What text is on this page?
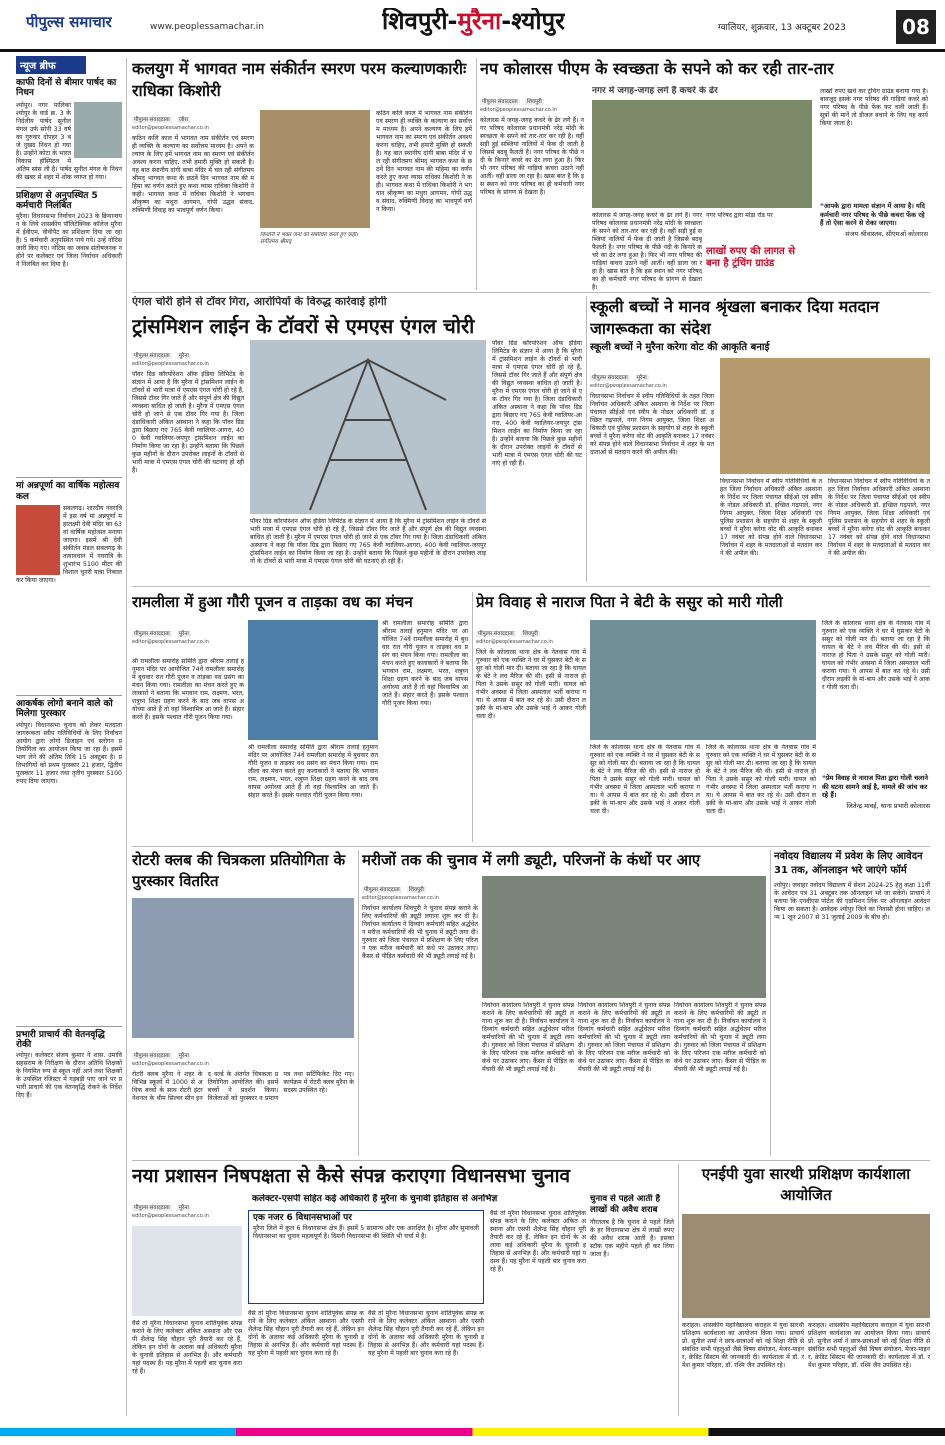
पीपुल्स समाचार	www.peoplessamachar.in	शिवपुरी-मुरैना-श्योपुर	ग्वालियर, शुक्रवार, 13 अक्टूबर 2023	08
न्यूज ब्रीफ
काफी दिनों से बीमार पार्षद का निधन
श्योपुर। नगर पालिका श्योपुर के वार्ड क्र. 3 के निर्दलीय पार्षद सुनील मंगल उर्फ सोनी 33 वर्ष का गुरुवार दोपहर 3 बजे दुखद निधन हो गया है। उन्होंने कोटा के भारत विकास हॉस्पिटल में अंतिम सांस ली है। पार्षद सुनील मंगल के निधन की खबर से शहर में शोक व्याप्त हो गया।
प्रशिक्षण से अनुपस्थित 5 कर्मचारी निलंबित
मुरैना। विधानसभा निर्वाचन 2023 के क्रियान्वयन के लिये शासकीय पॉलिटेक्निक कॉलेज मुरैना में ईवीएम, वीवीपैट का प्रशिक्षण दिया जा रहा है। 5 कर्मचारी अनुपस्थित पाये गये। उन्हें नोटिस जारी किए गए। नोटिस का जवाब संतोषजनक न होने पर कलेक्टर एवं जिला निर्वाचन अधिकारी ने निलंबित कर दिया है।
मां अन्नपूर्णा का वार्षिक महोत्सव कल
सबलगढ़। शारदीय नवरात्रि में इस वर्ष मां अन्नपूर्णा महालक्ष्मी देवी मंदिर का 63वां वार्षिक महोत्सव मनाया जाएगा। इसमें श्री देवी संकीर्तन मंडल सबलगढ़ के तत्वावधान में नवरात्रि के शुभारंभ 5100 मीटर की विशाल चुनरी यात्रा निकालकर किया जाएगा।
आकर्षक लोगो बनाने वाले को मिलेगा पुरस्कार
श्योपुर। विधानसभा चुनाव को लेकर मतदाता जागरूकता स्वीप गतिविधियों के लिए निर्वाचन आयोग द्वारा लोगो डिजाइन एवं स्लोगन प्रतियोगिता का आयोजन किया जा रहा है। इसमें भाग लेने की अंतिम तिथि 15 अक्टूबर है। प्रतिभागियों को प्रथम पुरस्कार 21 हजार, द्वितीय पुरस्कार 11 हजार तथा तृतीय पुरस्कार 5100 रुपए दिया जाएगा।
प्रभारी प्राचार्य की वेतनवृद्धि रोकी
श्योपुर। कलेक्टर संजय कुमार ने शास. उमावि सहसराम के निरीक्षण के दौरान अतिथि शिक्षकों के नियमित रूप से स्कूल नहीं आने तथा शिक्षकों के उपस्थित रजिस्टर में गड़बड़ी पाए जाने पर प्रभारी प्राचार्य की एक वेतनवृद्धि रोकने के निर्देश दिए हैं।
कलयुग में भागवत नाम संकीर्तन स्मरण परम कल्याणकारीः राधिका किशोरी
पीपुल्स संवाददाता जौरा
editor@peoplessamachar.co.in
कठिन कलि काल में भागवत नाम संकीर्तन एवं स्मरण ही व्यक्ति के कल्याण का सर्वोत्तम माध्यम है। अपने कल्याण के लिए हमें भागवत नाम का स्मरण एवं संकीर्तन अवश्य करना चाहिए, तभी हमारी मुक्ति हो सकती है। यह बात स्थानीय दांगी बाबा मंदिर में चल रही संगीतमय श्रीमद् भागवत कथा के छठवें दिन भागवत नाम की महिमा का वर्णन करते हुए कथा व्यास राधिका किशोरी ने कही। भागवत कथा में राधिका किशोरी ने भगवान श्रीकृष्ण का मथुरा आगमन, गोपी उद्धव संवाद, रुक्मिणी विवाह का भावपूर्ण वर्णन किया।
किशोरी ने भक्त जनों को संबोधित करते हुए कही। संगीतमय श्रीमद्
कठिन कलि काल में भागवत नाम संकीर्तन एवं स्मरण ही व्यक्ति के कल्याण का सर्वोत्तम माध्यम है। अपने कल्याण के लिए हमें भागवत नाम का स्मरण एवं संकीर्तन अवश्य करना चाहिए, तभी हमारी मुक्ति हो सकती है। यह बात स्थानीय दांगी बाबा मंदिर में चल रही संगीतमय श्रीमद् भागवत कथा के छठवें दिन भागवत नाम की महिमा का वर्णन करते हुए कथा व्यास राधिका किशोरी ने कही। भागवत कथा में राधिका किशोरी ने भगवान श्रीकृष्ण का मथुरा आगमन, गोपी उद्धव संवाद, रुक्मिणी विवाह का भावपूर्ण वर्णन किया।
नप कोलारस पीएम के स्वच्छता के सपने को कर रही तार-तार
पीपुल्स संवाददाता शिवपुरी
editor@peoplessamachar.co.in
कोलारस में जगह-जगह कचरे के ढेर लगे हैं। नगर परिषद कोलारस प्रधानमंत्री नरेंद्र मोदी के स्वच्छता के सपने को तार-तार कर रही है। वहीं सड़ी हुई सब्जियां नालियों में फेंक दी जाती है जिससे बदबू फैलती है। नगर परिषद के पीछे नदी के किनारे कचरे का ढेर लगा हुआ है। फिर भी नगर परिषद की गाड़ियां कचरा उठाने नहीं आतीं। वहीं डाला जा रहा है। खास बात है कि इस स्थान को नगर परिषद का ही कर्मचारी नगर परिषद के प्रांगण से देखता है।
नगर में जगह-जगह लगे हैं कचरे के ढेर
कोलारस में जगह-जगह कचरे के ढेर लगे हैं। नगर परिषद कोलारस प्रधानमंत्री नरेंद्र मोदी के स्वच्छता के सपने को तार-तार कर रही है। वहीं सड़ी हुई सब्जियां नालियों में फेंक दी जाती है जिससे बदबू फैलती है। नगर परिषद के पीछे नदी के किनारे कचरे का ढेर लगा हुआ है। फिर भी नगर परिषद की गाड़ियां कचरा उठाने नहीं आतीं। वहीं डाला जा रहा है। खास बात है कि इस स्थान को नगर परिषद का ही कर्मचारी नगर परिषद के प्रांगण से देखता है।
नगर परिषद द्वारा मोड़ा रोड पर
लाखों रुपए की लागत से बना है ट्रंचिंग ग्राउंड
लाखों रुपए खर्च कर ट्रंचिंग ग्राउंड बनाया गया है। बावजूद इसके नगर परिषद की गाड़ियां कचरे को नगर परिषद के पीछे फेंक कर चली जाती हैं। सूत्रों की मानें तो डीजल बचाने के लिए यह कार्य किया जाता है।
❝आपके द्वारा मामला संज्ञान में आया है। यदि कर्मचारी नगर परिषद के पीछे कचरा फेंक रहे हैं तो ऐसा करने से रोका जाएगा।
संजय श्रीवास्तव, सीएमओ कोलारस
एंगल चोरी होने से टॉवर गिरा, आरोपियों के विरुद्ध कार्रवाई होगी
ट्रांसमिशन लाईन के टॉवरों से एमएस एंगल चोरी
पीपुल्स संवाददाता मुरैना
editor@peoplessamachar.co.in
पॉवर ग्रिड कॉरपोरेशन ऑफ इंडिया लिमिटेड के संज्ञान में आया है कि मुरैना में ट्रांसमिशन लाईन के टॉवरों से भारी मात्रा में एमएस एंगल चोरी हो रहे हैं, जिससे टॉवर गिर जाते हैं और संपूर्ण क्षेत्र की विद्युत व्यवस्था बाधित हो जाती है। मुरैना में एमएस एंगल चोरी हो जाने से एक टॉवर गिर गया है। जिला दंडाधिकारी अंकित अस्थाना ने कहा कि पॉवर ग्रिड द्वारा बिछाए गए 765 केवी ग्वालियर-आगरा, 400 केवी ग्वालियर-जयपुर ट्रांसमिशन लाईन का निर्माण किया जा रहा है। उन्होंने बताया कि पिछले कुछ महीनों के दौरान उपरोक्त लाइनों के टॉवरों से भारी मात्रा में एमएस एंगल चोरी की घटनाएं हो रही हैं।
पॉवर ग्रिड कॉरपोरेशन ऑफ इंडिया लिमिटेड के संज्ञान में आया है कि मुरैना में ट्रांसमिशन लाईन के टॉवरों से भारी मात्रा में एमएस एंगल चोरी हो रहे हैं, जिससे टॉवर गिर जाते हैं और संपूर्ण क्षेत्र की विद्युत व्यवस्था बाधित हो जाती है। मुरैना में एमएस एंगल चोरी हो जाने से एक टॉवर गिर गया है। जिला दंडाधिकारी अंकित अस्थाना ने कहा कि पॉवर ग्रिड द्वारा बिछाए गए 765 केवी ग्वालियर-आगरा, 400 केवी ग्वालियर-जयपुर ट्रांसमिशन लाईन का निर्माण किया जा रहा है। उन्होंने बताया कि पिछले कुछ महीनों के दौरान उपरोक्त लाइनों के टॉवरों से भारी मात्रा में एमएस एंगल चोरी की घटनाएं हो रही हैं।
पॉवर ग्रिड कॉरपोरेशन ऑफ इंडिया लिमिटेड के संज्ञान में आया है कि मुरैना में ट्रांसमिशन लाईन के टॉवरों से भारी मात्रा में एमएस एंगल चोरी हो रहे हैं, जिससे टॉवर गिर जाते हैं और संपूर्ण क्षेत्र की विद्युत व्यवस्था बाधित हो जाती है। मुरैना में एमएस एंगल चोरी हो जाने से एक टॉवर गिर गया है। जिला दंडाधिकारी अंकित अस्थाना ने कहा कि पॉवर ग्रिड द्वारा बिछाए गए 765 केवी ग्वालियर-आगरा, 400 केवी ग्वालियर-जयपुर ट्रांसमिशन लाईन का निर्माण किया जा रहा है। उन्होंने बताया कि पिछले कुछ महीनों के दौरान उपरोक्त लाइनों के टॉवरों से भारी मात्रा में एमएस एंगल चोरी की घटनाएं हो रही हैं।
स्कूली बच्चों ने मानव श्रृंखला बनाकर दिया मतदान जागरूकता का संदेश
स्कूली बच्चों ने मुरैना करेगा वोट की आकृति बनाई
पीपुल्स संवाददाता मुरैना
editor@peoplessamachar.co.in
विधानसभा निर्वाचन में स्वीप गतिविधियों के तहत जिला निर्वाचन अधिकारी अंकित अस्थाना के निर्देश पर जिला पंचायत सीईओ एवं स्वीप के नोडल अधिकारी डॉ. इच्छित गढ़पाले, नगर निगम आयुक्त, जिला शिक्षा अधिकारी एवं पुलिस प्रशासन के सहयोग से शहर के स्कूली बच्चों ने मुरैना करेगा वोट की आकृति बनाकर 17 नवंबर को संपन्न होने वाले विधानसभा निर्वाचन में शहर के मतदाताओं से मतदान करने की अपील की।
विधानसभा निर्वाचन में स्वीप गतिविधियों के तहत जिला निर्वाचन अधिकारी अंकित अस्थाना के निर्देश पर जिला पंचायत सीईओ एवं स्वीप के नोडल अधिकारी डॉ. इच्छित गढ़पाले, नगर निगम आयुक्त, जिला शिक्षा अधिकारी एवं पुलिस प्रशासन के सहयोग से शहर के स्कूली बच्चों ने मुरैना करेगा वोट की आकृति बनाकर 17 नवंबर को संपन्न होने वाले विधानसभा निर्वाचन में शहर के मतदाताओं से मतदान करने की अपील की।
विधानसभा निर्वाचन में स्वीप गतिविधियों के तहत जिला निर्वाचन अधिकारी अंकित अस्थाना के निर्देश पर जिला पंचायत सीईओ एवं स्वीप के नोडल अधिकारी डॉ. इच्छित गढ़पाले, नगर निगम आयुक्त, जिला शिक्षा अधिकारी एवं पुलिस प्रशासन के सहयोग से शहर के स्कूली बच्चों ने मुरैना करेगा वोट की आकृति बनाकर 17 नवंबर को संपन्न होने वाले विधानसभा निर्वाचन में शहर के मतदाताओं से मतदान करने की अपील की।
रामलीला में हुआ गौरी पूजन व ताड़का वध का मंचन
पीपुल्स संवाददाता मुरैना
editor@peoplessamachar.co.in
श्री रामलीला समारोह समिति द्वारा श्रीराम तलाई हनुमान मंदिर पर आयोजित 74वें रामलीला समारोह में बुधवार रात गौरी पूजन व ताड़का वध प्रसंग का मंचन किया गया। रामलीला का मंचन करते हुए कलाकारों ने बताया कि भगवान राम, लक्ष्मण, भरत, शत्रुघ्न शिक्षा ग्रहण करने के बाद जब वापस अयोध्या आते हैं तो वहां विश्वामित्र आ जाते हैं। संहार करते हैं। इसके पश्चात गौरी पूजन किया गया।
श्री रामलीला समारोह समिति द्वारा श्रीराम तलाई हनुमान मंदिर पर आयोजित 74वें रामलीला समारोह में बुधवार रात गौरी पूजन व ताड़का वध प्रसंग का मंचन किया गया। रामलीला का मंचन करते हुए कलाकारों ने बताया कि भगवान राम, लक्ष्मण, भरत, शत्रुघ्न शिक्षा ग्रहण करने के बाद जब वापस अयोध्या आते हैं तो वहां विश्वामित्र आ जाते हैं। संहार करते हैं। इसके पश्चात गौरी पूजन किया गया।
श्री रामलीला समारोह समिति द्वारा श्रीराम तलाई हनुमान मंदिर पर आयोजित 74वें रामलीला समारोह में बुधवार रात गौरी पूजन व ताड़का वध प्रसंग का मंचन किया गया। रामलीला का मंचन करते हुए कलाकारों ने बताया कि भगवान राम, लक्ष्मण, भरत, शत्रुघ्न शिक्षा ग्रहण करने के बाद जब वापस अयोध्या आते हैं तो वहां विश्वामित्र आ जाते हैं। संहार करते हैं। इसके पश्चात गौरी पूजन किया गया।
प्रेम विवाह से नाराज पिता ने बेटी के ससुर को मारी गोली
पीपुल्स संवाददाता शिवपुरी
editor@peoplessamachar.co.in
जिले के कोलारस थाना क्षेत्र के नेतवास गांव में गुरुवार को एक व्यक्ति ने घर में घुसकर बेटी के ससुर को गोली मार दी। बताया जा रहा है कि घायल के बेटे ने लव मैरिज की थी। इसी से नाराज हो पिता ने उसके ससुर को गोली मारी। घायल को गंभीर अवस्था में जिला अस्पताल भर्ती कराया गया। ये आपस में बात कर रहे थे। उसी दौरान लड़की के मां-बाप और उसके भाई ने आकर गोली चला दी।
जिले के कोलारस थाना क्षेत्र के नेतवास गांव में गुरुवार को एक व्यक्ति ने घर में घुसकर बेटी के ससुर को गोली मार दी। बताया जा रहा है कि घायल के बेटे ने लव मैरिज की थी। इसी से नाराज हो पिता ने उसके ससुर को गोली मारी। घायल को गंभीर अवस्था में जिला अस्पताल भर्ती कराया गया। ये आपस में बात कर रहे थे। उसी दौरान लड़की के मां-बाप और उसके भाई ने आकर गोली चला दी।
जिले के कोलारस थाना क्षेत्र के नेतवास गांव में गुरुवार को एक व्यक्ति ने घर में घुसकर बेटी के ससुर को गोली मार दी। बताया जा रहा है कि घायल के बेटे ने लव मैरिज की थी। इसी से नाराज हो पिता ने उसके ससुर को गोली मारी। घायल को गंभीर अवस्था में जिला अस्पताल भर्ती कराया गया। ये आपस में बात कर रहे थे। उसी दौरान लड़की के मां-बाप और उसके भाई ने आकर गोली चला दी।
जिले के कोलारस थाना क्षेत्र के नेतवास गांव में गुरुवार को एक व्यक्ति ने घर में घुसकर बेटी के ससुर को गोली मार दी। बताया जा रहा है कि घायल के बेटे ने लव मैरिज की थी। इसी से नाराज हो पिता ने उसके ससुर को गोली मारी। घायल को गंभीर अवस्था में जिला अस्पताल भर्ती कराया गया। ये आपस में बात कर रहे थे। उसी दौरान लड़की के मां-बाप और उसके भाई ने आकर गोली चला दी।
❝प्रेम विवाह से नाराज पिता द्वारा गोली चलाने की घटना सामने आई है, मामले की जांच कर रहे हैं।
जितेन्द्र मावई, थाना प्रभारी कोलारस
रोटरी क्लब की चित्रकला प्रतियोगिता के पुरस्कार वितरित
पीपुल्स संवाददाता मुरैना
editor@peoplessamachar.co.in
रोटरी क्लब मुरैना ने शहर के विभिन्न स्कूलों में 1000 से अधिक बच्चों के साथ रोटरी इंटरनेशनल के थीम सिल्वर सीन इन द वर्ल्ड के अंतर्गत चित्रकला प्रतियोगिता आयोजित की। इसमें बच्चों ने प्रदर्शन किया। विजेताओं को पुरस्कार व प्रमाण पत्र तथा सर्टिफिकेट दिए गए। कार्यक्रम में रोटरी क्लब मुरैना के सदस्य उपस्थित रहे।
मरीजों तक की चुनाव में लगी ड्यूटी, परिजनों के कंधों पर आए
पीपुल्स संवाददाता शिवपुरी
editor@peoplessamachar.co.in
निर्वाचन कार्यालय शिवपुरी ने चुनाव संपन्न कराने के लिए कर्मचारियों की ड्यूटी लगाना शुरू कर दी है। निर्वाचन कार्यालय ने दिव्यांग कर्मचारी सहित अर्द्धचेतन मरीज कर्मचारियों की भी चुनाव में ड्यूटी लगा दी। गुरुवार को जिला पंचायत में प्रशिक्षण के लिए परिजन एक मरीज कर्मचारी को कंधे पर उठाकर लाए। कैंसर से पीड़ित कर्मचारी की भी ड्यूटी लगाई गई है।
निर्वाचन कार्यालय शिवपुरी ने चुनाव संपन्न कराने के लिए कर्मचारियों की ड्यूटी लगाना शुरू कर दी है। निर्वाचन कार्यालय ने दिव्यांग कर्मचारी सहित अर्द्धचेतन मरीज कर्मचारियों की भी चुनाव में ड्यूटी लगा दी। गुरुवार को जिला पंचायत में प्रशिक्षण के लिए परिजन एक मरीज कर्मचारी को कंधे पर उठाकर लाए। कैंसर से पीड़ित कर्मचारी की भी ड्यूटी लगाई गई है।
निर्वाचन कार्यालय शिवपुरी ने चुनाव संपन्न कराने के लिए कर्मचारियों की ड्यूटी लगाना शुरू कर दी है। निर्वाचन कार्यालय ने दिव्यांग कर्मचारी सहित अर्द्धचेतन मरीज कर्मचारियों की भी चुनाव में ड्यूटी लगा दी। गुरुवार को जिला पंचायत में प्रशिक्षण के लिए परिजन एक मरीज कर्मचारी को कंधे पर उठाकर लाए। कैंसर से पीड़ित कर्मचारी की भी ड्यूटी लगाई गई है।
निर्वाचन कार्यालय शिवपुरी ने चुनाव संपन्न कराने के लिए कर्मचारियों की ड्यूटी लगाना शुरू कर दी है। निर्वाचन कार्यालय ने दिव्यांग कर्मचारी सहित अर्द्धचेतन मरीज कर्मचारियों की भी चुनाव में ड्यूटी लगा दी। गुरुवार को जिला पंचायत में प्रशिक्षण के लिए परिजन एक मरीज कर्मचारी को कंधे पर उठाकर लाए। कैंसर से पीड़ित कर्मचारी की भी ड्यूटी लगाई गई है।
नवोदय विद्यालय में प्रवेश के लिए आवेदन 31 तक, ऑनलाइन भरे जाएंगे फॉर्म
श्योपुर। जवाहर नवोदय विद्यालय में सेशन 2024-25 हेतु कक्षा 11वीं के आवेदन पत्र 31 अक्टूबर तक ऑनलाइन भरे जा सकेंगे। प्राचार्य ने बताया कि एनवीएस पोर्टल की एडमिशन लिंक पर ऑनलाइन आवेदन किया जा सकता है। आवेदक श्योपुर जिले का निवासी होना चाहिए। जन्म 1 जून 2007 से 31 जुलाई 2009 के बीच हो।
नया प्रशासन निषपक्षता से कैसे संपन्न कराएगा विधानसभा चुनाव
पीपुल्स संवाददाता मुरैना
editor@peoplessamachar.co.in
कलेक्टर-एसपी सहित कई अधिकारी हैं मुरैना के चुनावी इतिहास से अनभिज्ञ
वैसे तो मुरैना विधानसभा चुनाव शांतिपूर्वक संपन्न कराने के लिए कलेक्टर अंकित अस्थाना और एसपी शैलेन्द्र सिंह चौहान पूरी तैयारी कर रहे हैं, लेकिन इन दोनों के अलावा कई अधिकारी मुरैना के चुनावी इतिहास से अनभिज्ञ हैं। और कर्मचारी यहां पदस्थ हैं। यह मुरैना में पहली बार चुनाव करा रहे हैं।
एक नजर 6 विधानसभाओं पर
मुरैना जिले में कुल 6 विधानसभा क्षेत्र हैं। इसमें 5 सामान्य और एक आरक्षित है। मुरैना और सुमावली विधानसभा का चुनाव महत्वपूर्ण है। दिमनी विधानसभा की स्थिति भी चर्चा में है।
वैसे तो मुरैना विधानसभा चुनाव शांतिपूर्वक संपन्न कराने के लिए कलेक्टर अंकित अस्थाना और एसपी शैलेन्द्र सिंह चौहान पूरी तैयारी कर रहे हैं, लेकिन इन दोनों के अलावा कई अधिकारी मुरैना के चुनावी इतिहास से अनभिज्ञ हैं। और कर्मचारी यहां पदस्थ हैं। यह मुरैना में पहली बार चुनाव करा रहे हैं।
वैसे तो मुरैना विधानसभा चुनाव शांतिपूर्वक संपन्न कराने के लिए कलेक्टर अंकित अस्थाना और एसपी शैलेन्द्र सिंह चौहान पूरी तैयारी कर रहे हैं, लेकिन इन दोनों के अलावा कई अधिकारी मुरैना के चुनावी इतिहास से अनभिज्ञ हैं। और कर्मचारी यहां पदस्थ हैं। यह मुरैना में पहली बार चुनाव करा रहे हैं।
वैसे तो मुरैना विधानसभा चुनाव शांतिपूर्वक संपन्न कराने के लिए कलेक्टर अंकित अस्थाना और एसपी शैलेन्द्र सिंह चौहान पूरी तैयारी कर रहे हैं, लेकिन इन दोनों के अलावा कई अधिकारी मुरैना के चुनावी इतिहास से अनभिज्ञ हैं। और कर्मचारी यहां पदस्थ हैं। यह मुरैना में पहली बार चुनाव करा रहे हैं।
चुनाव से पहले आती है लाखों की अवैध शराब
गौरतलब है कि चुनाव से पहले जिले के हर विधानसभा क्षेत्र में लाखों रुपए की अवैध शराब आती है। इसका स्टॉक एक महीने पहले ही कर लिया जाता है।
एनईपी युवा सारथी प्रशिक्षण कार्यशाला आयोजित
कराहल। शासकीय महाविद्यालय कराहल में युवा सारथी प्रशिक्षण कार्यशाला का आयोजन किया गया। प्राचार्य प्रो. सुनील शर्मा ने छात्र-छात्राओं को नई शिक्षा नीति से संबंधित सभी पहलुओं जैसे विषय संयोजन, मेजर-माइनर, क्रेडिट सिस्टम की जानकारी दी। कार्यशाला में डॉ. रमेश कुमार परिहार, डॉ. रश्मि जैन उपस्थित रहे।
कराहल। शासकीय महाविद्यालय कराहल में युवा सारथी प्रशिक्षण कार्यशाला का आयोजन किया गया। प्राचार्य प्रो. सुनील शर्मा ने छात्र-छात्राओं को नई शिक्षा नीति से संबंधित सभी पहलुओं जैसे विषय संयोजन, मेजर-माइनर, क्रेडिट सिस्टम की जानकारी दी। कार्यशाला में डॉ. रमेश कुमार परिहार, डॉ. रश्मि जैन उपस्थित रहे।
